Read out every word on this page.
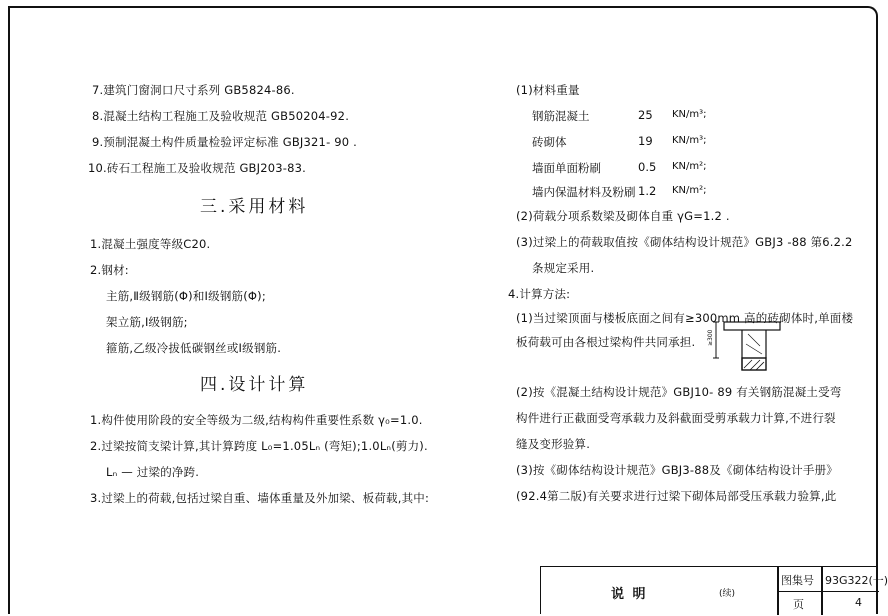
7.建筑门窗洞口尺寸系列 GB5824-86.
8.混凝土结构工程施工及验收规范 GB50204-92.
9.预制混凝土构件质量检验评定标准 GBJ321- 90 .
10.砖石工程施工及验收规范 GBJ203-83.
三.采用材料
1.混凝土强度等级C20.
2.钢材:
主筋,Ⅱ级钢筋(Φ)和Ⅰ级钢筋(Φ);
架立筋,Ⅰ级钢筋;
箍筋,乙级冷拔低碳钢丝或Ⅰ级钢筋.
四.设计计算
1.构件使用阶段的安全等级为二级,结构构件重要性系数 γ₀=1.0.
2.过梁按简支梁计算,其计算跨度 L₀=1.05Lₙ (弯矩);1.0Lₙ(剪力).
Lₙ — 过梁的净跨.
3.过梁上的荷载,包括过梁自重、墙体重量及外加梁、板荷载,其中:
(1)材料重量
钢筋混凝土	25 KN/m³;
砖砌体	19 KN/m³;
墙面单面粉刷	0.5 KN/m²;
墙内保温材料及粉刷 1.2 KN/m²;
(2)荷载分项系数梁及砌体自重 γG=1.2 .
(3)过梁上的荷载取值按《砌体结构设计规范》GBJ3 -88 第6.2.2
条规定采用.
4.计算方法:
(1)当过梁顶面与楼板底面之间有≥300mm 高的砖砌体时,单面楼
板荷载可由各根过梁构件共同承担. ≥300
(2)按《混凝土结构设计规范》GBJ10- 89 有关钢筋混凝土受弯
构件进行正截面受弯承载力及斜截面受剪承载力计算,不进行裂
缝及变形验算.
(3)按《砌体结构设计规范》GBJ3-88及《砌体结构设计手册》
(92.4第二版)有关要求进行过梁下砌体局部受压承载力验算,此
说 明	(续)
图集号 93G322(一)
页	4
